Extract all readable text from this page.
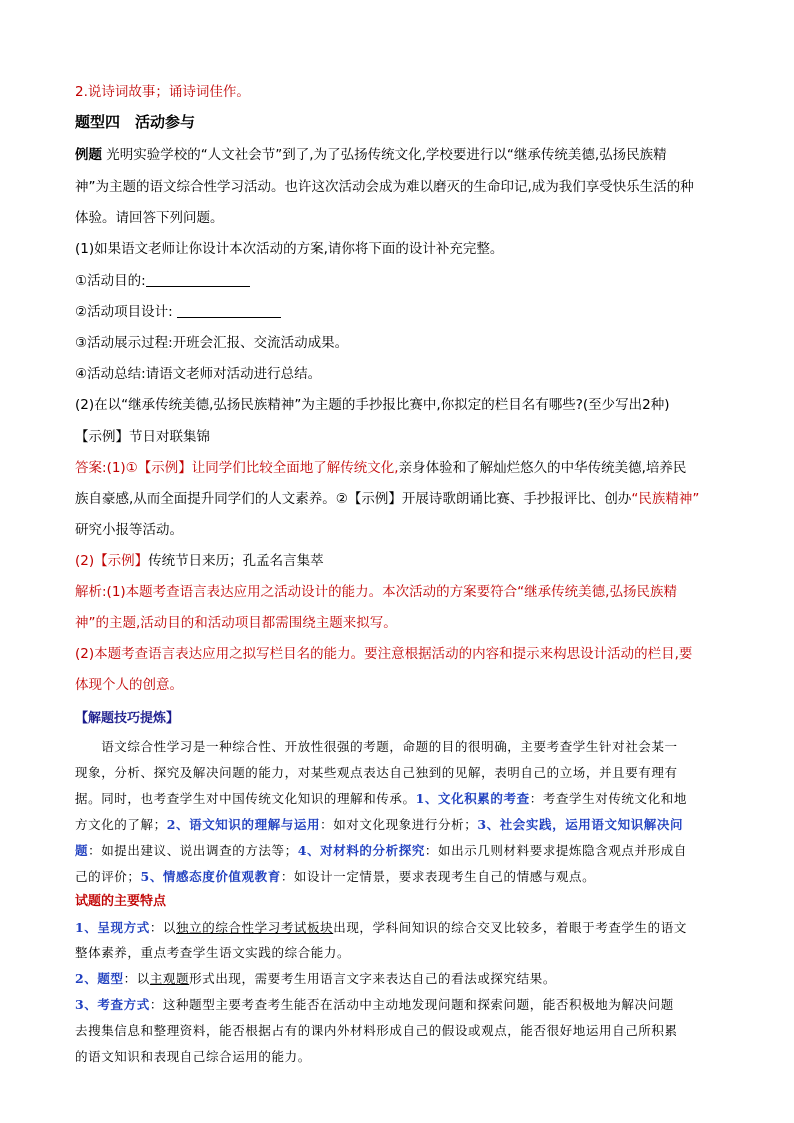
2.说诗词故事；诵诗词佳作。
题型四　活动参与
例题 光明实验学校的“人文社会节”到了,为了弘扬传统文化,学校要进行以“继承传统美德,弘扬民族精
神”为主题的语文综合性学习活动。也许这次活动会成为难以磨灭的生命印记,成为我们享受快乐生活的种
体验。请回答下列问题。
(1)如果语文老师让你设计本次活动的方案,请你将下面的设计补充完整。
①活动目的:
②活动项目设计:
③活动展示过程:开班会汇报、交流活动成果。
④活动总结:请语文老师对活动进行总结。
(2)在以“继承传统美德,弘扬民族精神”为主题的手抄报比赛中,你拟定的栏目名有哪些?(至少写出2种)
【示例】节日对联集锦
答案:(1)①【示例】让同学们比较全面地了解传统文化,亲身体验和了解灿烂悠久的中华传统美德,培养民
族自豪感,从而全面提升同学们的人文素养。②【示例】开展诗歌朗诵比赛、手抄报评比、创办“民族精神”
研究小报等活动。
(2)【示例】传统节日来历；孔孟名言集萃
解析:(1)本题考查语言表达应用之活动设计的能力。本次活动的方案要符合“继承传统美德,弘扬民族精
神”的主题,活动目的和活动项目都需围绕主题来拟写。
(2)本题考查语言表达应用之拟写栏目名的能力。要注意根据活动的内容和提示来构思设计活动的栏目,要
体现个人的创意。
【解题技巧提炼】
　　语文综合性学习是一种综合性、开放性很强的考题，命题的目的很明确，主要考查学生针对社会某一
现象，分析、探究及解决问题的能力，对某些观点表达自己独到的见解，表明自己的立场，并且要有理有
据。同时，也考查学生对中国传统文化知识的理解和传承。1、文化积累的考查：考查学生对传统文化和地
方文化的了解；2、语文知识的理解与运用：如对文化现象进行分析；3、社会实践，运用语文知识解决问
题：如提出建议、说出调查的方法等；4、对材料的分析探究：如出示几则材料要求提炼隐含观点并形成自
己的评价；5、情感态度价值观教育：如设计一定情景，要求表现考生自己的情感与观点。
试题的主要特点
1、呈现方式：以独立的综合性学习考试板块出现，学科间知识的综合交叉比较多，着眼于考查学生的语文
整体素养，重点考查学生语文实践的综合能力。
2、题型：以主观题形式出现，需要考生用语言文字来表达自己的看法或探究结果。
3、考查方式：这种题型主要考查考生能否在活动中主动地发现问题和探索问题，能否积极地为解决问题
去搜集信息和整理资料，能否根据占有的课内外材料形成自己的假设或观点，能否很好地运用自己所积累
的语文知识和表现自己综合运用的能力。
